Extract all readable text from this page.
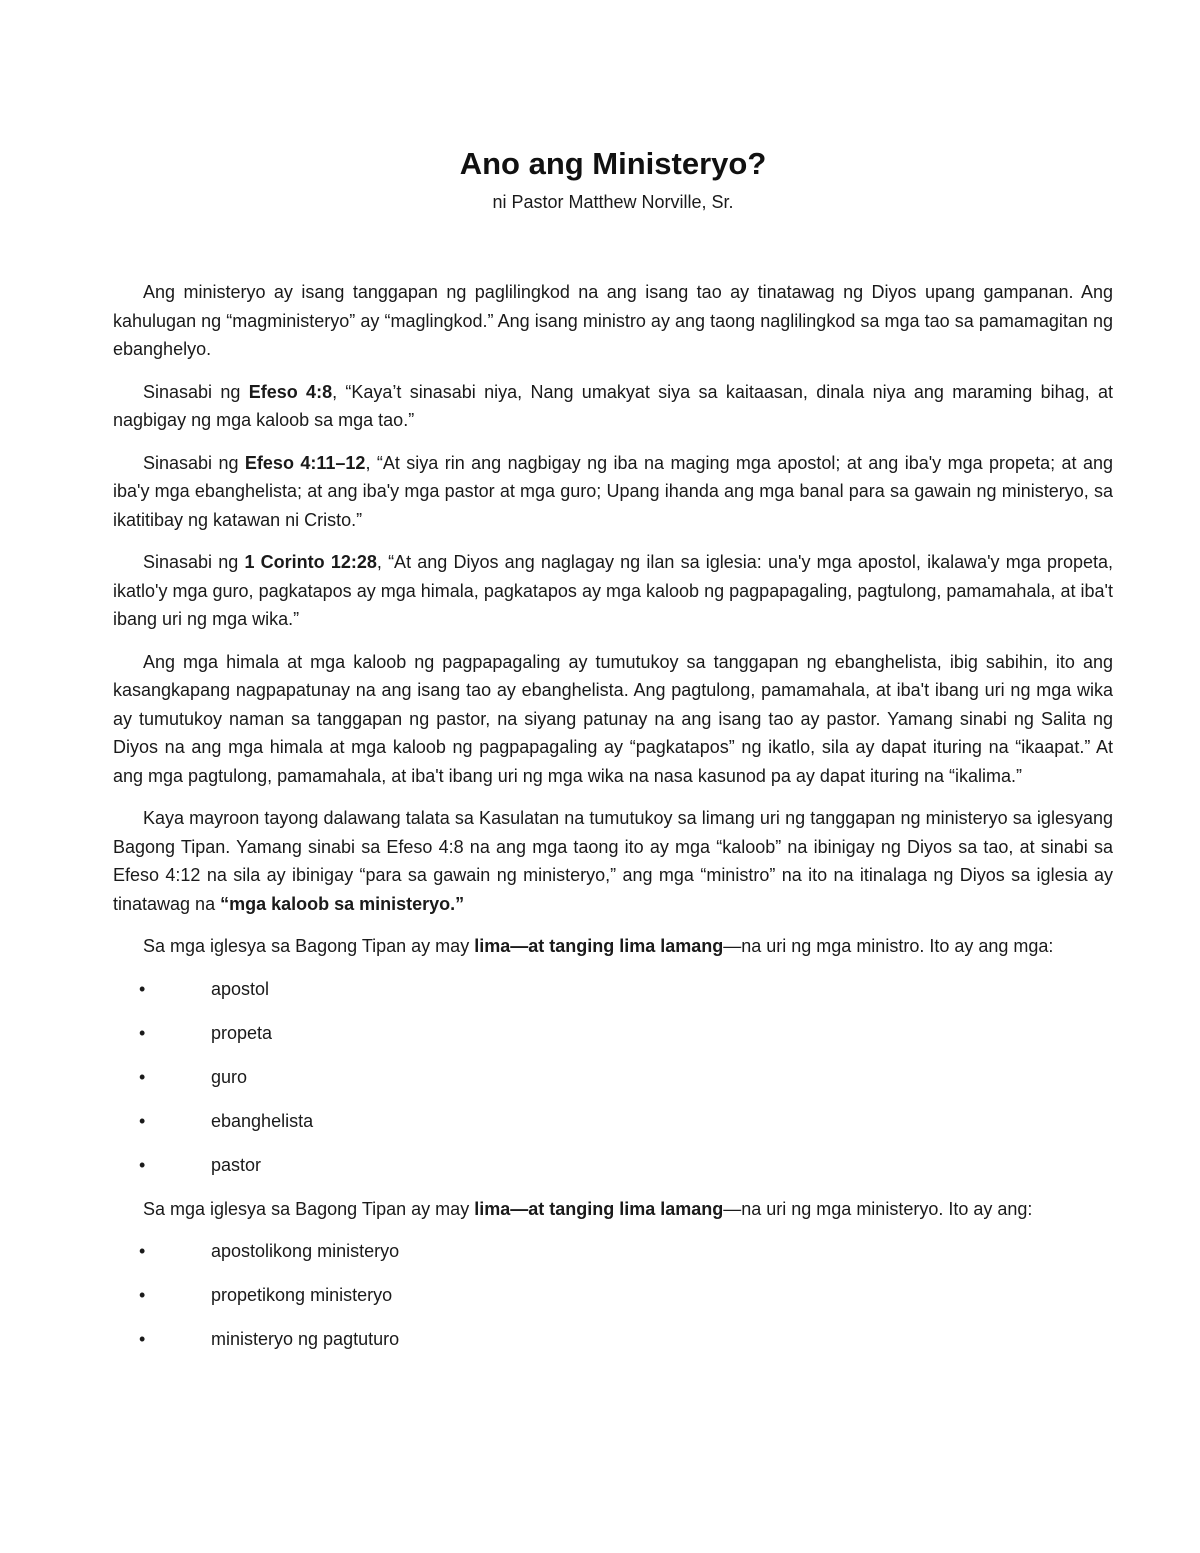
Ano ang Ministeryo?

ni Pastor Matthew Norville, Sr.

Ang ministeryo ay isang tanggapan ng paglilingkod na ang isang tao ay tinatawag ng Diyos upang gampanan. Ang kahulugan ng “magministeryo” ay “maglingkod.” Ang isang ministro ay ang taong naglilingkod sa mga tao sa pamamagitan ng ebanghelyo.

Sinasabi ng Efeso 4:8, “Kaya’t sinasabi niya, Nang umakyat siya sa kaitaasan, dinala niya ang maraming bihag, at nagbigay ng mga kaloob sa mga tao.”

Sinasabi ng Efeso 4:11–12, “At siya rin ang nagbigay ng iba na maging mga apostol; at ang iba'y mga propeta; at ang iba'y mga ebanghelista; at ang iba'y mga pastor at mga guro; Upang ihanda ang mga banal para sa gawain ng ministeryo, sa ikatitibay ng katawan ni Cristo.”

Sinasabi ng 1 Corinto 12:28, “At ang Diyos ang naglagay ng ilan sa iglesia: una'y mga apostol, ikalawa'y mga propeta, ikatlo'y mga guro, pagkatapos ay mga himala, pagkatapos ay mga kaloob ng pagpapagaling, pagtulong, pamamahala, at iba't ibang uri ng mga wika.”

Ang mga himala at mga kaloob ng pagpapagaling ay tumutukoy sa tanggapan ng ebanghelista, ibig sabihin, ito ang kasangkapang nagpapatunay na ang isang tao ay ebanghelista. Ang pagtulong, pamamahala, at iba't ibang uri ng mga wika ay tumutukoy naman sa tanggapan ng pastor, na siyang patunay na ang isang tao ay pastor. Yamang sinabi ng Salita ng Diyos na ang mga himala at mga kaloob ng pagpapagaling ay “pagkatapos” ng ikatlo, sila ay dapat ituring na “ikaapat.” At ang mga pagtulong, pamamahala, at iba't ibang uri ng mga wika na nasa kasunod pa ay dapat ituring na “ikalima.”

Kaya mayroon tayong dalawang talata sa Kasulatan na tumutukoy sa limang uri ng tanggapan ng ministeryo sa iglesyang Bagong Tipan. Yamang sinabi sa Efeso 4:8 na ang mga taong ito ay mga “kaloob” na ibinigay ng Diyos sa tao, at sinabi sa Efeso 4:12 na sila ay ibinigay “para sa gawain ng ministeryo,” ang mga “ministro” na ito na itinalaga ng Diyos sa iglesia ay tinatawag na “mga kaloob sa ministeryo.”

Sa mga iglesya sa Bagong Tipan ay may lima—at tanging lima lamang—na uri ng mga ministro. Ito ay ang mga:

•	apostol
•	propeta
•	guro
•	ebanghelista
•	pastor

Sa mga iglesya sa Bagong Tipan ay may lima—at tanging lima lamang—na uri ng mga ministeryo. Ito ay ang:

•	apostolikong ministeryo
•	propetikong ministeryo
•	ministeryo ng pagtuturo
